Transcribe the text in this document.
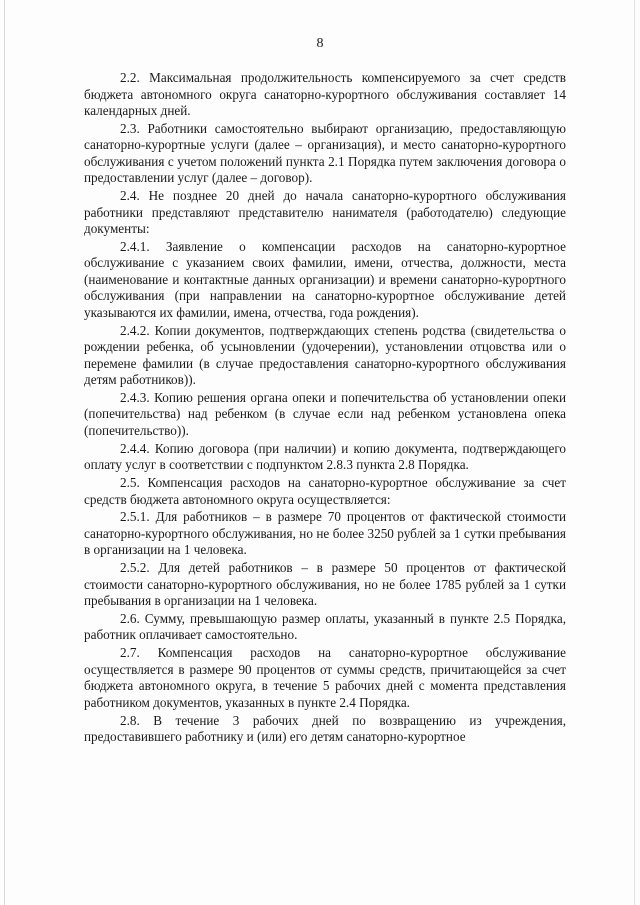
8

2.2. Максимальная продолжительность компенсируемого за счет средств бюджета автономного округа санаторно-курортного обслуживания составляет 14 календарных дней.

2.3. Работники самостоятельно выбирают организацию, предоставляющую санаторно-курортные услуги (далее – организация), и место санаторно-курортного обслуживания с учетом положений пункта 2.1 Порядка путем заключения договора о предоставлении услуг (далее – договор).

2.4. Не позднее 20 дней до начала санаторно-курортного обслуживания работники представляют представителю нанимателя (работодателю) следующие документы:

2.4.1. Заявление о компенсации расходов на санаторно-курортное обслуживание с указанием своих фамилии, имени, отчества, должности, места (наименование и контактные данных организации) и времени санаторно-курортного обслуживания (при направлении на санаторно-курортное обслуживание детей указываются их фамилии, имена, отчества, года рождения).

2.4.2. Копии документов, подтверждающих степень родства (свидетельства о рождении ребенка, об усыновлении (удочерении), установлении отцовства или о перемене фамилии (в случае предоставления санаторно-курортного обслуживания детям работников)).

2.4.3. Копию решения органа опеки и попечительства об установлении опеки (попечительства) над ребенком (в случае если над ребенком установлена опека (попечительство)).

2.4.4. Копию договора (при наличии) и копию документа, подтверждающего оплату услуг в соответствии с подпунктом 2.8.3 пункта 2.8 Порядка.

2.5. Компенсация расходов на санаторно-курортное обслуживание за счет средств бюджета автономного округа осуществляется:

2.5.1. Для работников – в размере 70 процентов от фактической стоимости санаторно-курортного обслуживания, но не более 3250 рублей за 1 сутки пребывания в организации на 1 человека.

2.5.2. Для детей работников – в размере 50 процентов от фактической стоимости санаторно-курортного обслуживания, но не более 1785 рублей за 1 сутки пребывания в организации на 1 человека.

2.6. Сумму, превышающую размер оплаты, указанный в пункте 2.5 Порядка, работник оплачивает самостоятельно.

2.7. Компенсация расходов на санаторно-курортное обслуживание осуществляется в размере 90 процентов от суммы средств, причитающейся за счет бюджета автономного округа, в течение 5 рабочих дней с момента представления работником документов, указанных в пункте 2.4 Порядка.

2.8. В течение 3 рабочих дней по возвращению из учреждения, предоставившего работнику и (или) его детям санаторно-курортное
